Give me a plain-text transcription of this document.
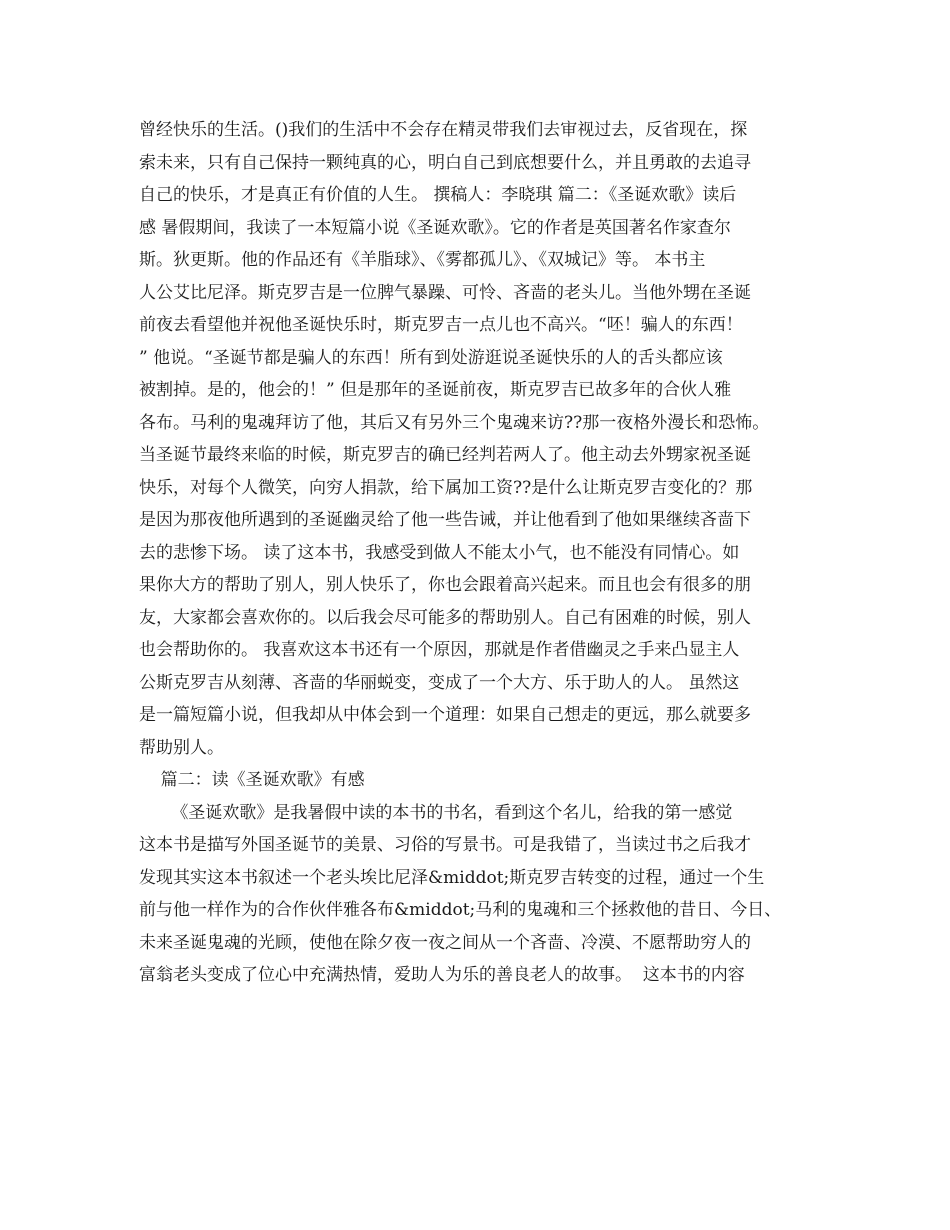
曾经快乐的生活。()我们的生活中不会存在精灵带我们去审视过去，反省现在，探
索未来，只有自己保持一颗纯真的心，明白自己到底想要什么，并且勇敢的去追寻
自己的快乐，才是真正有价值的人生。 撰稿人：李晓琪 篇二：《圣诞欢歌》读后
感 暑假期间，我读了一本短篇小说《圣诞欢歌》。它的作者是英国著名作家查尔
斯。狄更斯。他的作品还有《羊脂球》、《雾都孤儿》、《双城记》等。 本书主
人公艾比尼泽。斯克罗吉是一位脾气暴躁、可怜、吝啬的老头儿。当他外甥在圣诞
前夜去看望他并祝他圣诞快乐时，斯克罗吉一点儿也不高兴。“呸！骗人的东西！
” 他说。“圣诞节都是骗人的东西！所有到处游逛说圣诞快乐的人的舌头都应该
被割掉。是的，他会的！” 但是那年的圣诞前夜，斯克罗吉已故多年的合伙人雅
各布。马利的鬼魂拜访了他，其后又有另外三个鬼魂来访??那一夜格外漫长和恐怖。
当圣诞节最终来临的时候，斯克罗吉的确已经判若两人了。他主动去外甥家祝圣诞
快乐，对每个人微笑，向穷人捐款，给下属加工资??是什么让斯克罗吉变化的？那
是因为那夜他所遇到的圣诞幽灵给了他一些告诫，并让他看到了他如果继续吝啬下
去的悲惨下场。 读了这本书，我感受到做人不能太小气，也不能没有同情心。如
果你大方的帮助了别人，别人快乐了，你也会跟着高兴起来。而且也会有很多的朋
友，大家都会喜欢你的。以后我会尽可能多的帮助别人。自己有困难的时候，别人
也会帮助你的。 我喜欢这本书还有一个原因，那就是作者借幽灵之手来凸显主人
公斯克罗吉从刻薄、吝啬的华丽蜕变，变成了一个大方、乐于助人的人。 虽然这
是一篇短篇小说，但我却从中体会到一个道理：如果自己想走的更远，那么就要多
帮助别人。
篇二：读《圣诞欢歌》有感
《圣诞欢歌》是我暑假中读的本书的书名，看到这个名儿，给我的第一感觉
这本书是描写外国圣诞节的美景、习俗的写景书。可是我错了，当读过书之后我才
发现其实这本书叙述一个老头埃比尼泽&middot;斯克罗吉转变的过程，通过一个生
前与他一样作为的合作伙伴雅各布&middot;马利的鬼魂和三个拯救他的昔日、今日、
未来圣诞鬼魂的光顾，使他在除夕夜一夜之间从一个吝啬、冷漠、不愿帮助穷人的
富翁老头变成了位心中充满热情，爱助人为乐的善良老人的故事。  这本书的内容
